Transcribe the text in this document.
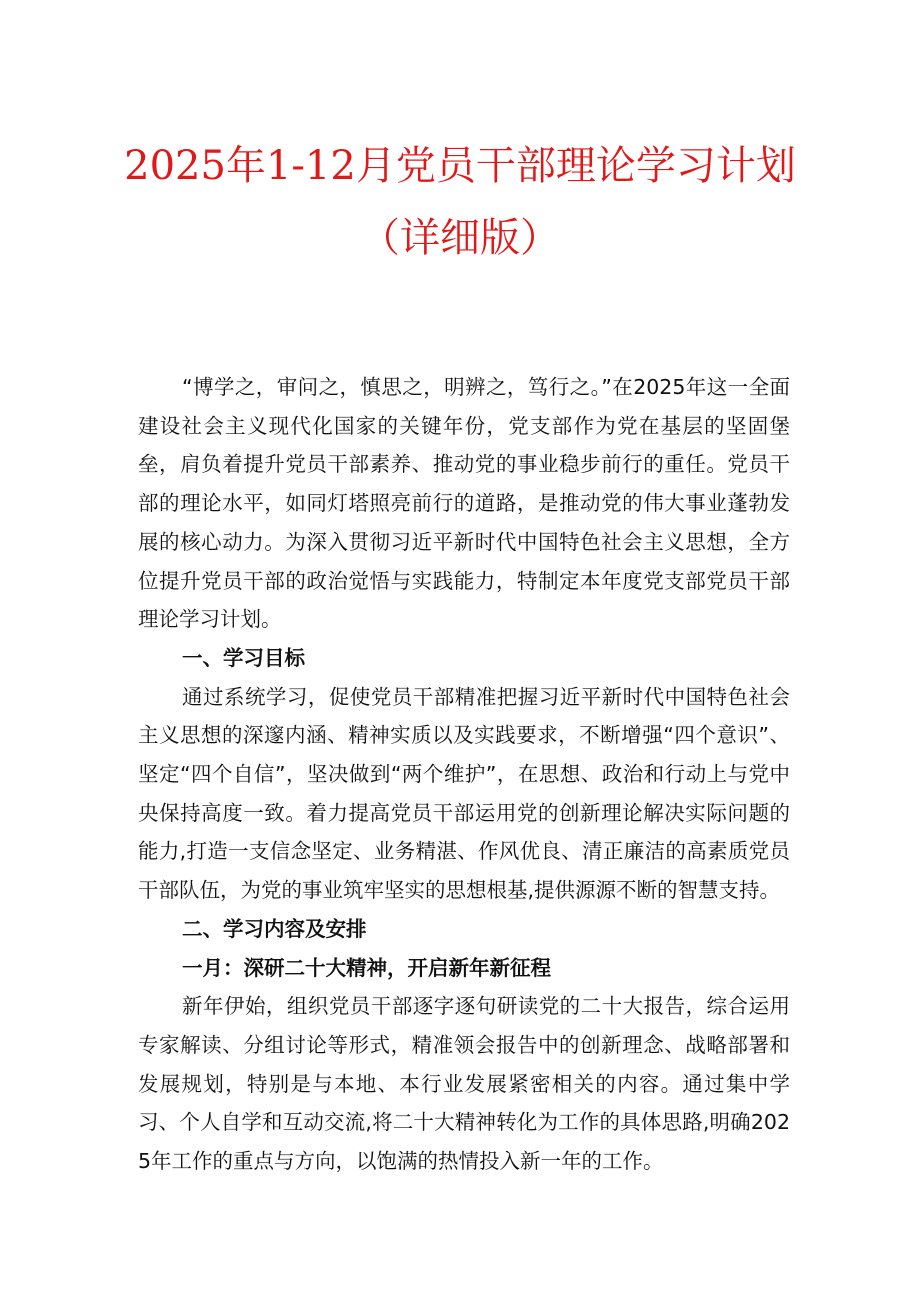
2025年1-12月党员干部理论学习计划
（详细版）

“博学之，审问之，慎思之，明辨之，笃行之。”在2025年这一全面建设社会主义现代化国家的关键年份，党支部作为党在基层的坚固堡垒，肩负着提升党员干部素养、推动党的事业稳步前行的重任。党员干部的理论水平，如同灯塔照亮前行的道路，是推动党的伟大事业蓬勃发展的核心动力。为深入贯彻习近平新时代中国特色社会主义思想，全方位提升党员干部的政治觉悟与实践能力，特制定本年度党支部党员干部理论学习计划。

一、学习目标

通过系统学习，促使党员干部精准把握习近平新时代中国特色社会主义思想的深邃内涵、精神实质以及实践要求，不断增强“四个意识”、坚定“四个自信”，坚决做到“两个维护”，在思想、政治和行动上与党中央保持高度一致。着力提高党员干部运用党的创新理论解决实际问题的能力,打造一支信念坚定、业务精湛、作风优良、清正廉洁的高素质党员干部队伍，为党的事业筑牢坚实的思想根基,提供源源不断的智慧支持。

二、学习内容及安排

一月：深研二十大精神，开启新年新征程

新年伊始，组织党员干部逐字逐句研读党的二十大报告，综合运用专家解读、分组讨论等形式，精准领会报告中的创新理念、战略部署和发展规划，特别是与本地、本行业发展紧密相关的内容。通过集中学习、个人自学和互动交流,将二十大精神转化为工作的具体思路,明确2025年工作的重点与方向，以饱满的热情投入新一年的工作。
